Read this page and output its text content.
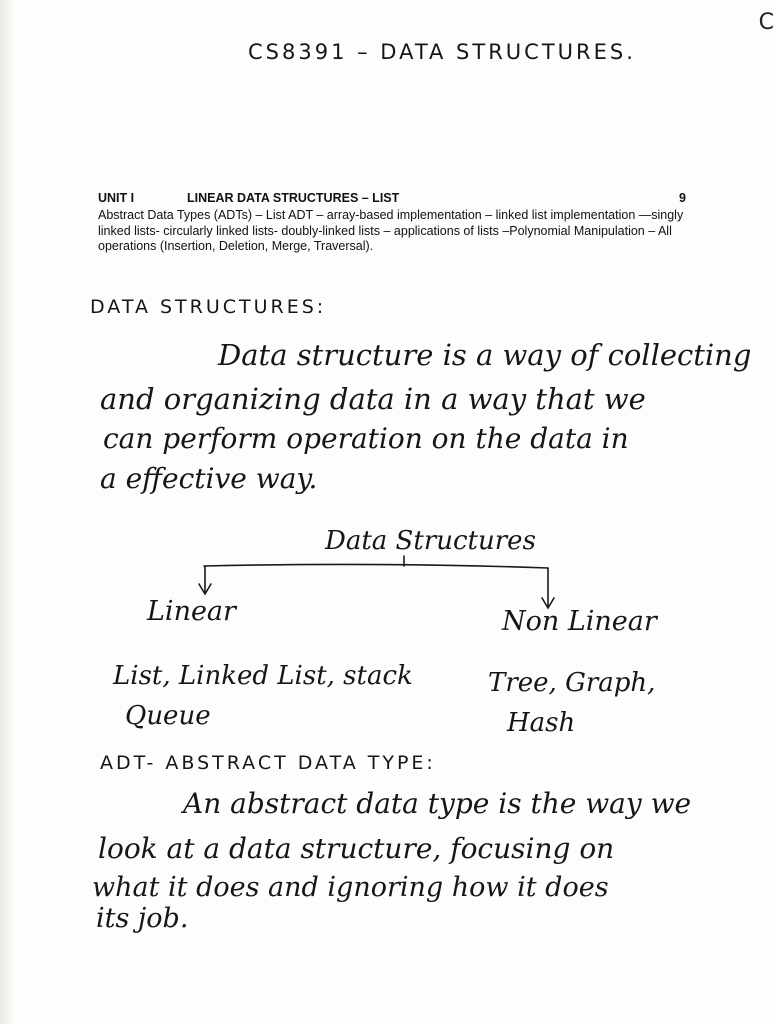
CS8391 – DATA STRUCTURES.
C
UNIT I	LINEAR DATA STRUCTURES – LIST	9
Abstract Data Types (ADTs) – List ADT – array-based implementation – linked list implementation —singly linked lists- circularly linked lists- doubly-linked lists – applications of lists –Polynomial Manipulation – All operations (Insertion, Deletion, Merge, Traversal).
DATA STRUCTURES:
Data structure is a way of collecting
and organizing data in a way that we
can perform operation on the data in
a effective way.
Data Structures
Linear	Non Linear
List, Linked List, stack
Queue
Tree, Graph,
Hash
ADT- ABSTRACT DATA TYPE:
An abstract data type is the way we
look at a data structure, focusing on
what it does and ignoring how it does
its job.
